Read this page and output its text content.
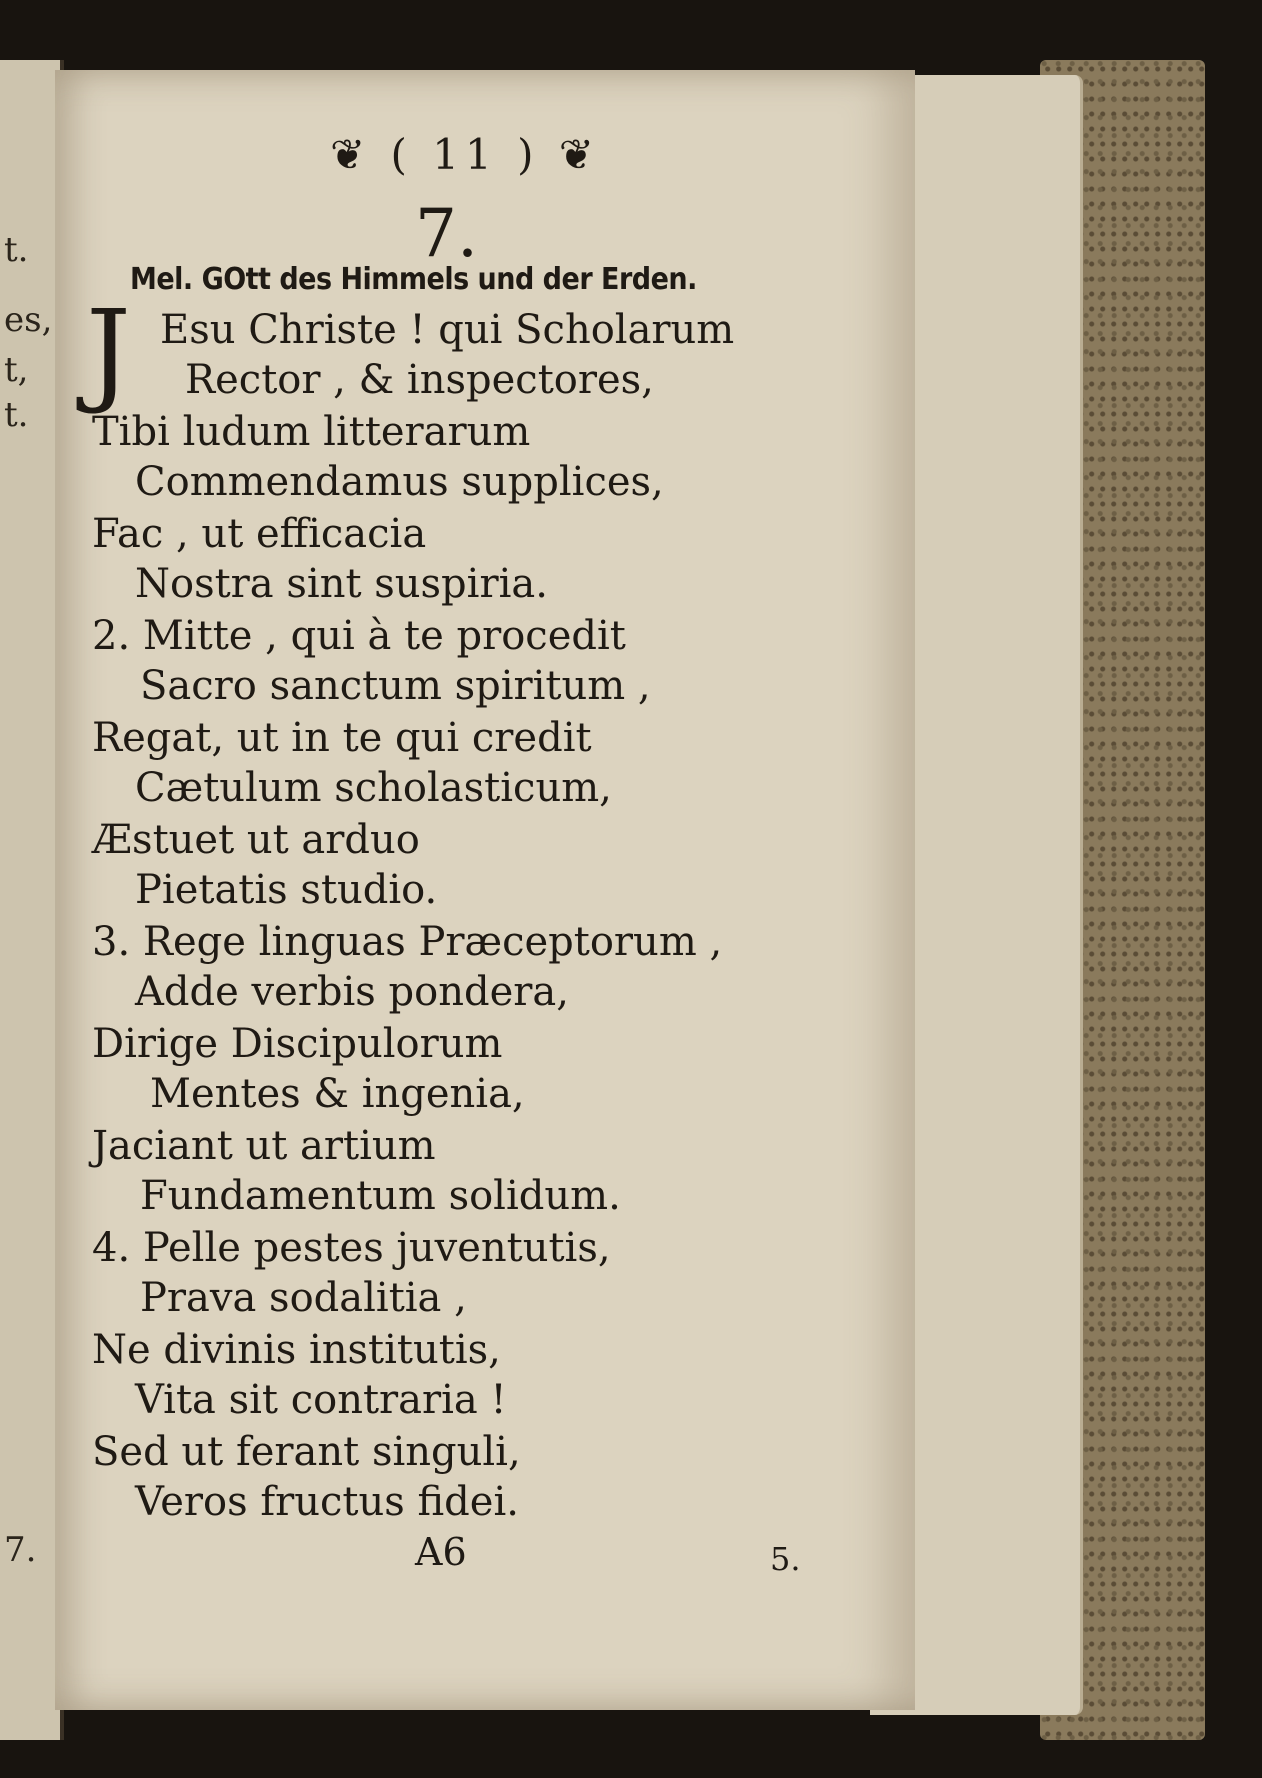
t.
es,
t,
t.
7.
❦ ( 11 ) ❦
7.
Mel. GOtt des Himmels und der Erden.
J Esu Christe ! qui Scholarum
Rector , & inspectores,
Tibi ludum litterarum
Commendamus supplices,
Fac , ut efficacia
Nostra sint suspiria.
2. Mitte , qui à te procedit
Sacro sanctum spiritum ,
Regat, ut in te qui credit
Cætulum scholasticum,
Æstuet ut arduo
Pietatis studio.
3. Rege linguas Præceptorum ,
Adde verbis pondera,
Dirige Discipulorum
Mentes & ingenia,
Jaciant ut artium
Fundamentum solidum.
4. Pelle pestes juventutis,
Prava sodalitia ,
Ne divinis institutis,
Vita sit contraria !
Sed ut ferant singuli,
Veros fructus fidei.
A6	5.
